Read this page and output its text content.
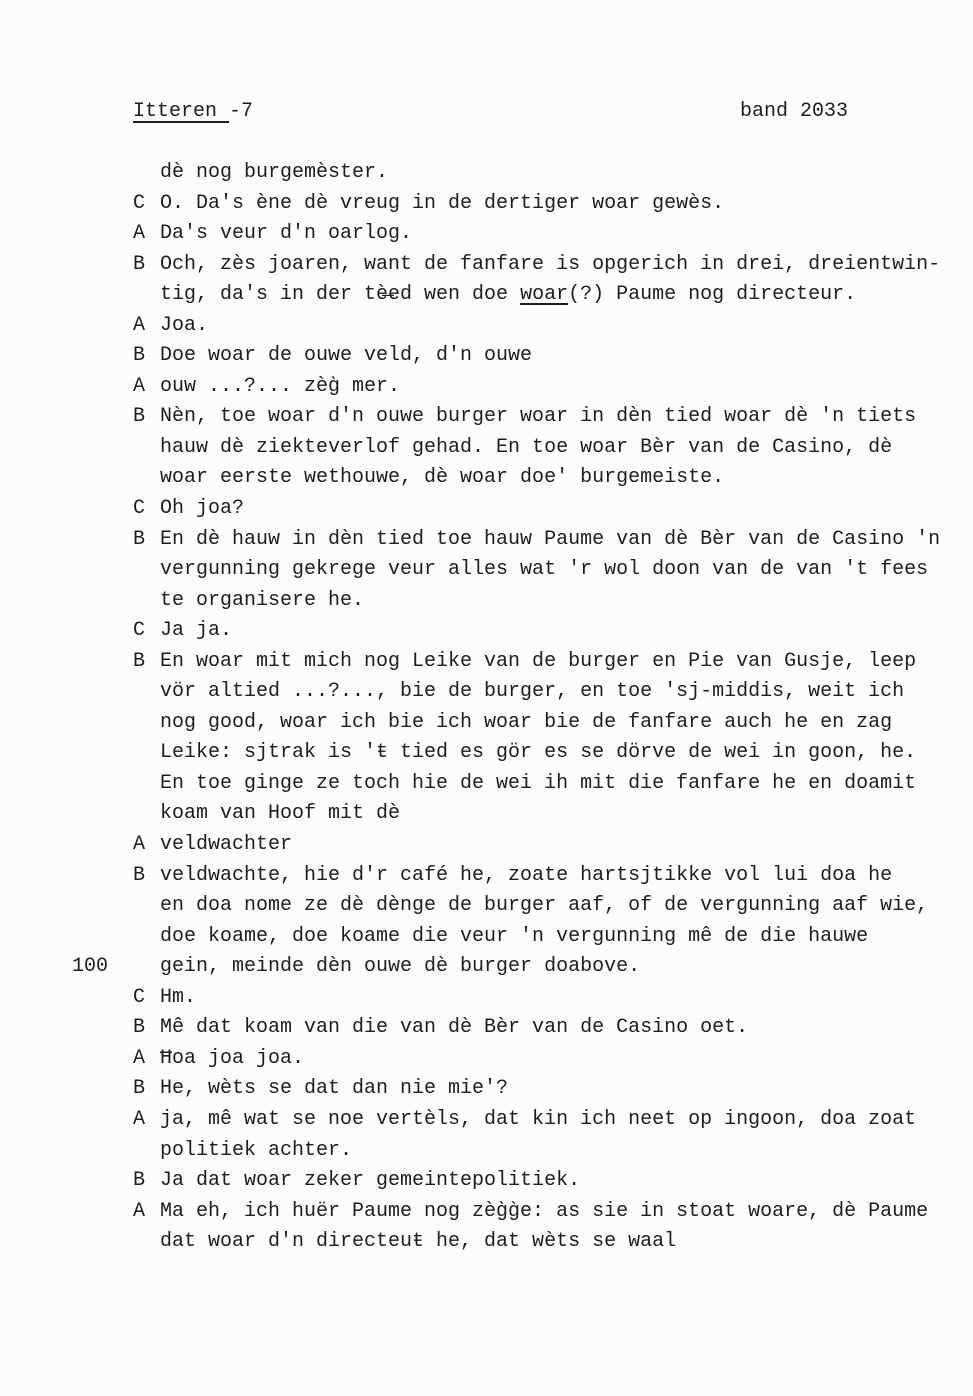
Itteren -7	band 2033
dè nog burgemèster.
C O. Da's ène dè vreug in de dertiger woar gewès.
A Da's veur d'n oarlog.
B Och, zès joaren, want de fanfare is opgerich in drei, dreientwin-
tig, da's in der tè̶ed wen doe woar(?) Paume nog directeur.
A Joa.
B Doe woar de ouwe veld, d'n ouwe
A ouw ...?... zèg̀ mer.
B Nèn, toe woar d'n ouwe burger woar in dèn tied woar dè 'n tiets
hauw dè ziekteverlof gehad. En toe woar Bèr van de Casino, dè
woar eerste wethouwe, dè woar doe' burgemeiste.
C Oh joa?
B En dè hauw in dèn tied toe hauw Paume van dè Bèr van de Casino 'n
vergunning gekrege veur alles wat 'r wol doon van de van 't fees
te organisere he.
C Ja ja.
B En woar mit mich nog Leike van de burger en Pie van Gusje, leep
vör altied ...?..., bie de burger, en toe 'sj-middis, weit ich
nog good, woar ich bie ich woar bie de fanfare auch he en zag
Leike: sjtrak is 'ŧ tied es gör es se dörve de wei in goon, he.
En toe ginge ze toch hie de wei ih mit die fanfare he en doamit
koam van Hoof mit dè
A veldwachter
B veldwachte, hie d'r café he, zoate hartsjtikke vol lui doa he
en doa nome ze dè dènge de burger aaf, of de vergunning aaf wie,
doe koame, doe koame die veur 'n vergunning mê de die hauwe
100	gein, meinde dèn ouwe dè burger doabove.
C Hm.
B Mê dat koam van die van dè Bèr van de Casino oet.
A Ħoa joa joa.
B He, wèts se dat dan nie mie'?
A ja, mê wat se noe vertèls, dat kin ich neet op ingoon, doa zoat
politiek achter.
B Ja dat woar zeker gemeintepolitiek.
A Ma eh, ich huër Paume nog zèg̀g̀e: as sie in stoat woare, dè Paume
dat woar d'n directeuŧ he, dat wèts se waal
